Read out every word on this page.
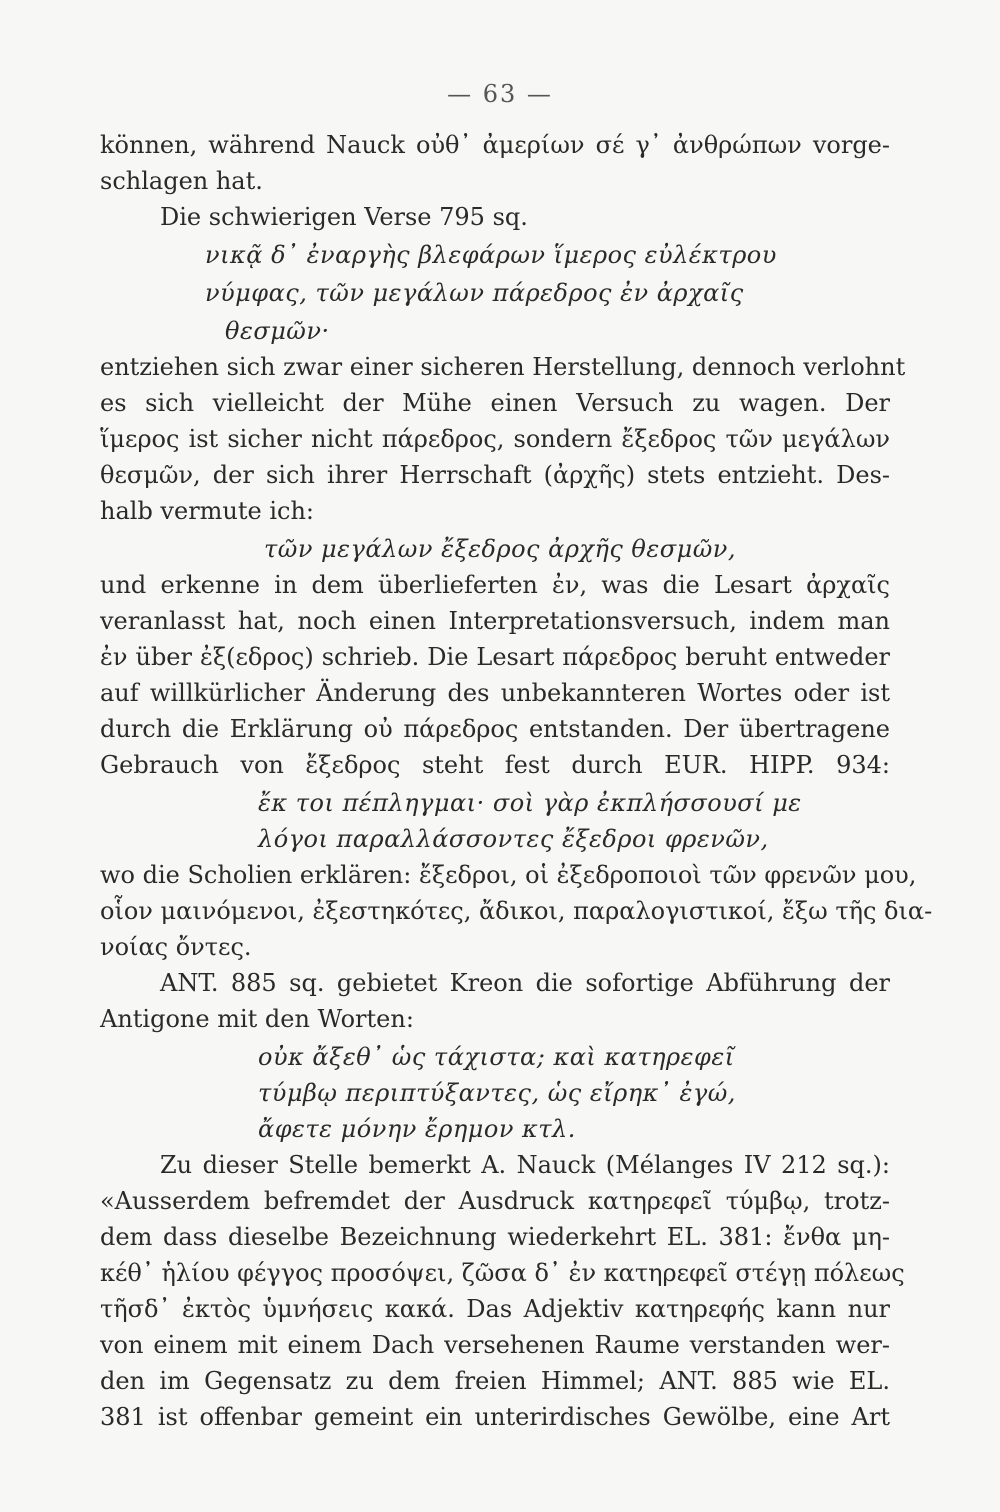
— 63 —
können, während Nauck οὐθ᾽ ἀμερίων σέ γ᾽ ἀνθρώπων vorge-
schlagen hat.
Die schwierigen Verse 795 sq.
νικᾷ δ᾽ ἐναργὴς βλεφάρων ἵμερος εὐλέκτρου
νύμφας, τῶν μεγάλων πάρεδρος ἐν ἀρχαῖς
θεσμῶν·
entziehen sich zwar einer sicheren Herstellung, dennoch verlohnt
es sich vielleicht der Mühe einen Versuch zu wagen. Der
ἵμερος ist sicher nicht πάρεδρος, sondern ἔξεδρος τῶν μεγάλων
θεσμῶν, der sich ihrer Herrschaft (ἀρχῆς) stets entzieht. Des-
halb vermute ich:
τῶν μεγάλων ἔξεδρος ἀρχῆς θεσμῶν,
und erkenne in dem überlieferten ἐν, was die Lesart ἀρχαῖς
veranlasst hat, noch einen Interpretationsversuch, indem man
ἐν über ἐξ(εδρος) schrieb. Die Lesart πάρεδρος beruht entweder
auf willkürlicher Änderung des unbekannteren Wortes oder ist
durch die Erklärung οὐ πάρεδρος entstanden. Der übertragene
Gebrauch von ἔξεδρος steht fest durch EUR. HIPP. 934:
ἔκ τοι πέπληγμαι· σοὶ γὰρ ἐκπλήσσουσί με
λόγοι παραλλάσσοντες ἔξεδροι φρενῶν,
wo die Scholien erklären: ἔξεδροι, οἱ ἐξεδροποιοὶ τῶν φρενῶν μου,
οἷον μαινόμενοι, ἐξεστηκότες, ἄδικοι, παραλογιστικοί, ἔξω τῆς δια-
νοίας ὄντες.
ANT. 885 sq. gebietet Kreon die sofortige Abführung der
Antigone mit den Worten:
οὐκ ἄξεθ᾽ ὡς τάχιστα; καὶ κατηρεφεῖ
τύμβῳ περιπτύξαντες, ὡς εἴρηκ᾽ ἐγώ,
ἄφετε μόνην ἔρημον κτλ.
Zu dieser Stelle bemerkt A. Nauck (Mélanges IV 212 sq.):
«Ausserdem befremdet der Ausdruck κατηρεφεῖ τύμβῳ, trotz-
dem dass dieselbe Bezeichnung wiederkehrt EL. 381: ἔνθα μη-
κέθ᾽ ἡλίου φέγγος προσόψει, ζῶσα δ᾽ ἐν κατηρεφεῖ στέγῃ πόλεως
τῆσδ᾽ ἐκτὸς ὑμνήσεις κακά. Das Adjektiv κατηρεφής kann nur
von einem mit einem Dach versehenen Raume verstanden wer-
den im Gegensatz zu dem freien Himmel; ANT. 885 wie EL.
381 ist offenbar gemeint ein unterirdisches Gewölbe, eine Art
